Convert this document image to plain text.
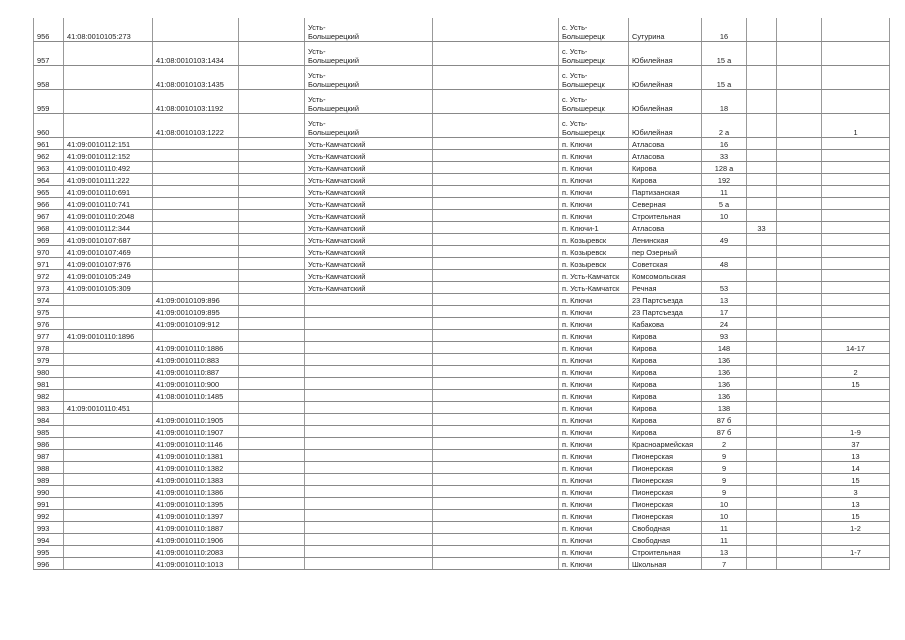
956	41:08:0010105:273			Усть-
Большерецкий		с. Усть-
Большерецк	Сутурина	16			
957		41:08:0010103:1434		Усть-
Большерецкий		с. Усть-
Большерецк	Юбилейная	15 а			
958		41:08:0010103:1435		Усть-
Большерецкий		с. Усть-
Большерецк	Юбилейная	15 а			
959		41:08:0010103:1192		Усть-
Большерецкий		с. Усть-
Большерецк	Юбилейная	18			
960		41:08:0010103:1222		Усть-
Большерецкий		с. Усть-
Большерецк	Юбилейная	2 а			1
961	41:09:0010112:151			Усть-Камчатский		п. Ключи	Атласова	16			
962	41:09:0010112:152			Усть-Камчатский		п. Ключи	Атласова	33			
963	41:09:0010110:492			Усть-Камчатский		п. Ключи	Кирова	128 а			
964	41:09:0010111:222			Усть-Камчатский		п. Ключи	Кирова	192			
965	41:09:0010110:691			Усть-Камчатский		п. Ключи	Партизанская	11			
966	41:09:0010110:741			Усть-Камчатский		п. Ключи	Северная	5 а			
967	41:09:0010110:2048			Усть-Камчатский		п. Ключи	Строительная	10			
968	41:09:0010112:344			Усть-Камчатский		п. Ключи-1	Атласова		33		
969	41:09:0010107:687			Усть-Камчатский		п. Козыревск	Ленинская	49			
970	41:09:0010107:469			Усть-Камчатский		п. Козыревск	пер Озерный				
971	41:09:0010107:976			Усть-Камчатский		п. Козыревск	Советская	48			
972	41:09:0010105:249			Усть-Камчатский		п. Усть-Камчатск	Комсомольская				
973	41:09:0010105:309			Усть-Камчатский		п. Усть-Камчатск	Речная	53			
974		41:09:0010109:896				п. Ключи	23 Партсъезда	13			
975		41:09:0010109:895				п. Ключи	23 Партсъезда	17			
976		41:09:0010109:912				п. Ключи	Кабакова	24			
977	41:09:0010110:1896					п. Ключи	Кирова	93			
978		41:09:0010110:1886				п. Ключи	Кирова	148			14-17
979		41:09:0010110:883				п. Ключи	Кирова	136			
980		41:09:0010110:887				п. Ключи	Кирова	136			2
981		41:09:0010110:900				п. Ключи	Кирова	136			15
982		41:08:0010110:1485				п. Ключи	Кирова	136			
983	41:09:0010110:451					п. Ключи	Кирова	138			
984		41:09:0010110:1905				п. Ключи	Кирова	87 б			
985		41:09:0010110:1907				п. Ключи	Кирова	87 б			1-9
986		41:09:0010110:1146				п. Ключи	Красноармейская	2			37
987		41:09:0010110:1381				п. Ключи	Пионерская	9			13
988		41:09:0010110:1382				п. Ключи	Пионерская	9			14
989		41:09:0010110:1383				п. Ключи	Пионерская	9			15
990		41:09:0010110:1386				п. Ключи	Пионерская	9			3
991		41:09:0010110:1395				п. Ключи	Пионерская	10			13
992		41:09:0010110:1397				п. Ключи	Пионерская	10			15
993		41:09:0010110:1887				п. Ключи	Свободная	11			1-2
994		41:09:0010110:1906				п. Ключи	Свободная	11			
995		41:09:0010110:2083				п. Ключи	Строительная	13			1-7
996		41:09:0010110:1013				п. Ключи	Школьная	7			
